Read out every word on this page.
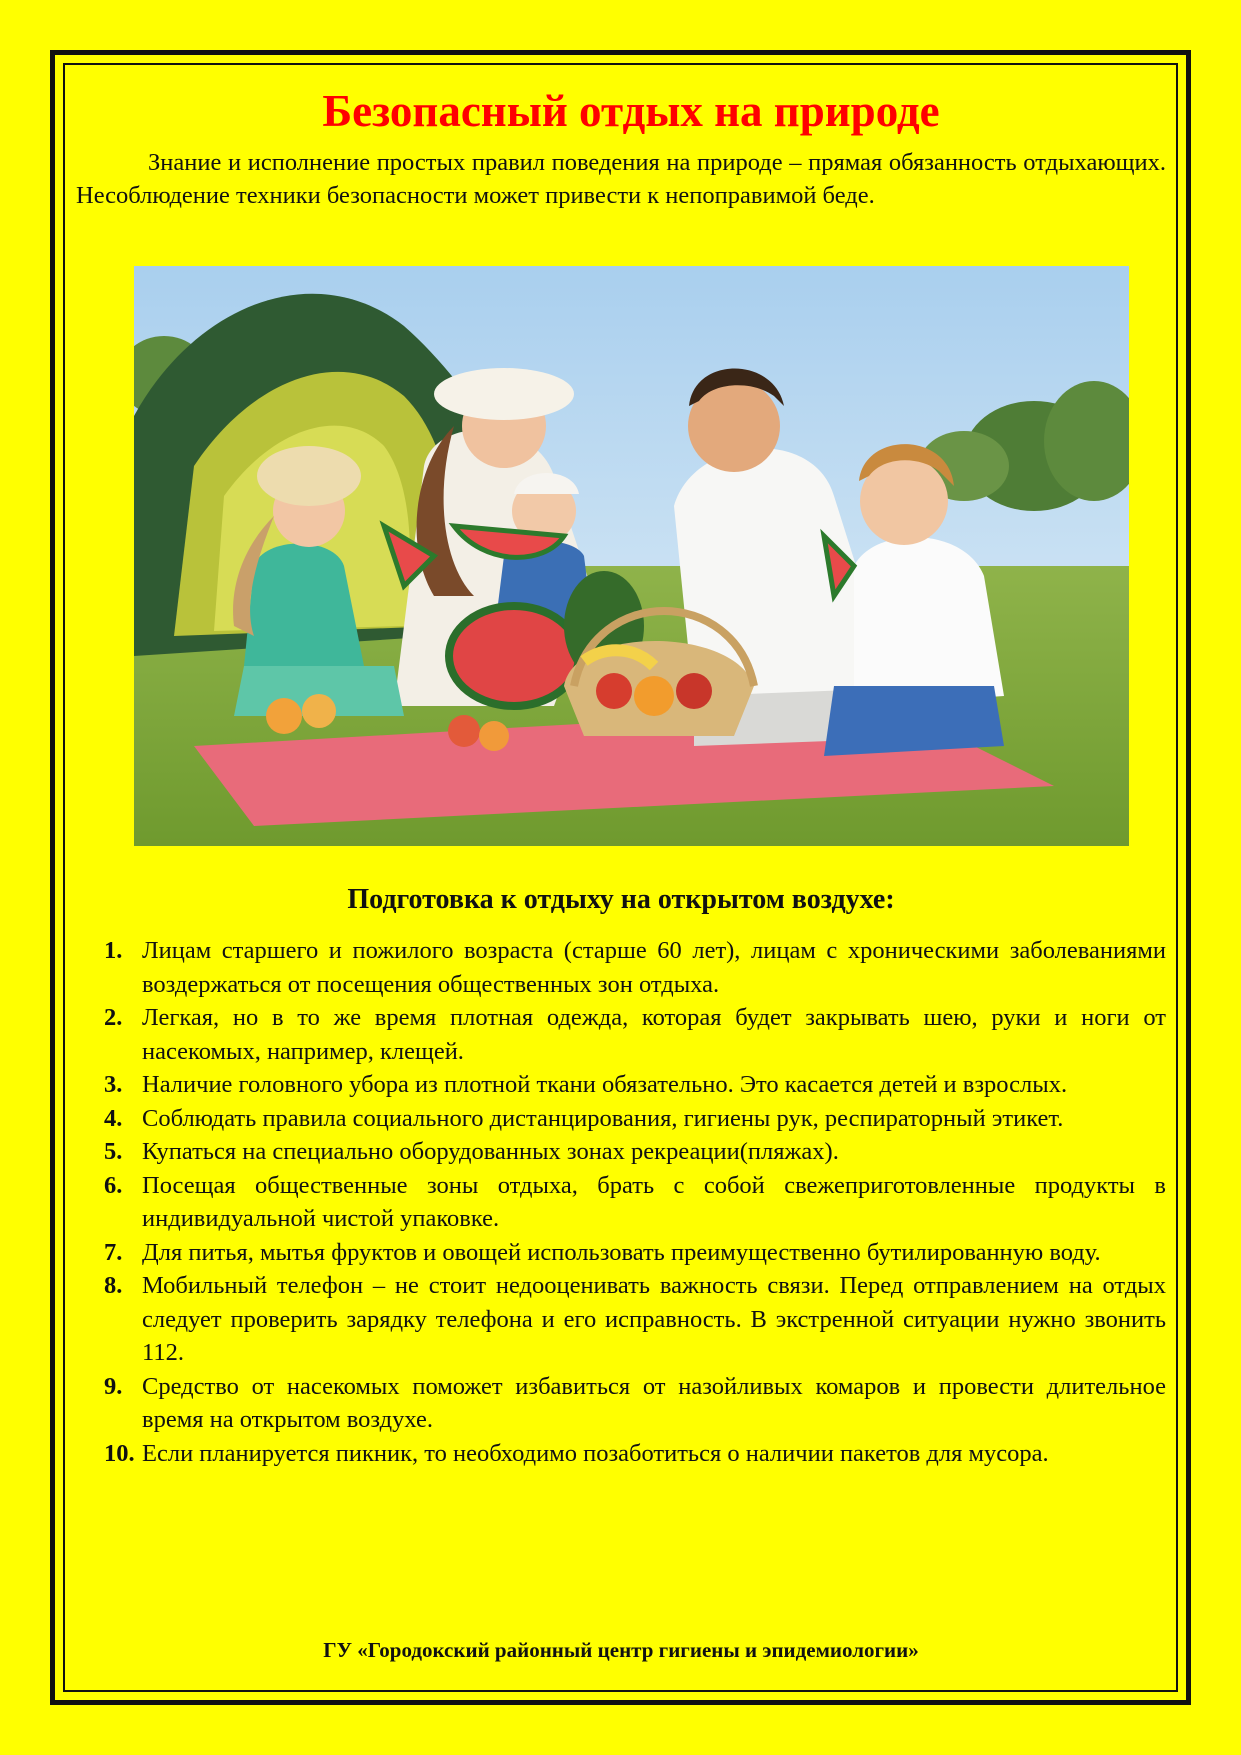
Безопасный отдых на природе

Знание и исполнение простых правил поведения на природе – прямая обязанность отдыхающих. Несоблюдение техники безопасности может привести к непоправимой беде.

Подготовка к отдыху на открытом воздухе:
1. Лицам старшего и пожилого возраста (старше 60 лет), лицам с хроническими заболеваниями воздержаться от посещения общественных зон отдыха.
2. Легкая, но в то же время плотная одежда, которая будет закрывать шею, руки и ноги от насекомых, например, клещей.
3. Наличие головного убора из плотной ткани обязательно. Это касается детей и взрослых.
4. Соблюдать правила социального дистанцирования, гигиены рук, респираторный этикет.
5. Купаться на специально оборудованных зонах рекреации(пляжах).
6. Посещая общественные зоны отдыха, брать с собой свежеприготовленные продукты в индивидуальной чистой упаковке.
7. Для питья, мытья фруктов и овощей использовать преимущественно бутилированную воду.
8. Мобильный телефон – не стоит недооценивать важность связи. Перед отправлением на отдых следует проверить зарядку телефона и его исправность. В экстренной ситуации нужно звонить 112.
9. Средство от насекомых поможет избавиться от назойливых комаров и провести длительное время на открытом воздухе.
10. Если планируется пикник, то необходимо позаботиться о наличии пакетов для мусора.
ГУ «Городокский районный центр гигиены и эпидемиологии»
